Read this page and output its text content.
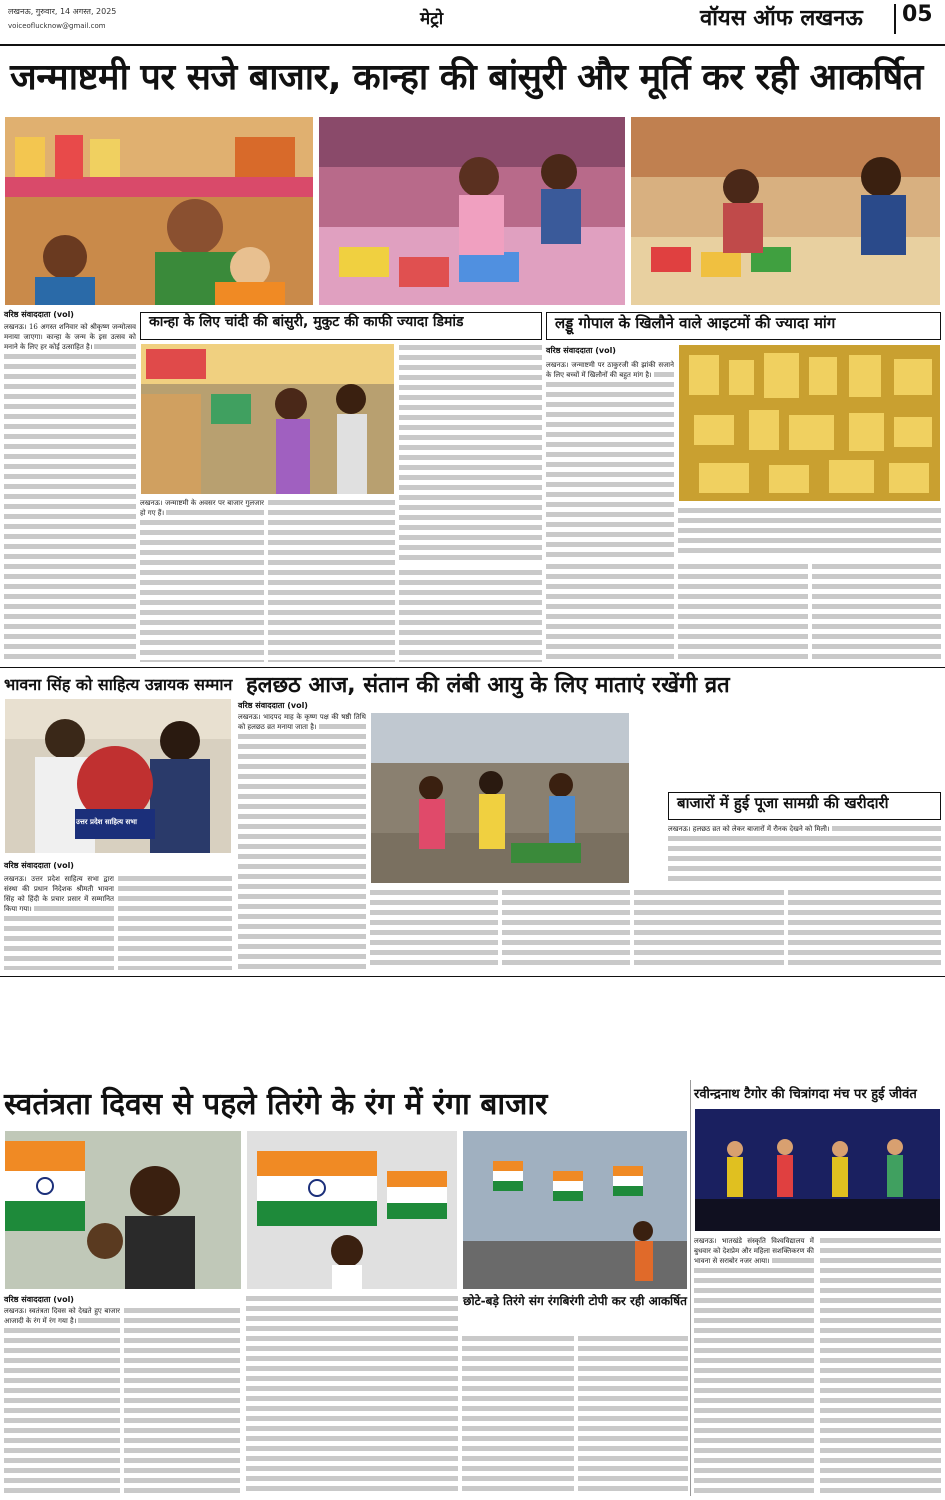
लखनऊ, गुरुवार, 14 अगस्त, 2025
voiceoflucknow@gmail.com	मेट्रो	वॉयस ऑफ लखनऊ 05
जन्माष्टमी पर सजे बाजार, कान्हा की बांसुरी और मूर्ति कर रही आकर्षित
वरिष्ठ संवाददाता (vol)
लखनऊ। 16 अगस्त शनिवार को श्रीकृष्ण जन्मोत्सव मनाया जाएगा। कान्हा के जन्म के इस उत्सव को मनाने के लिए हर कोई उत्साहित है।
कान्हा के लिए चांदी की बांसुरी, मुकुट की काफी ज्यादा डिमांड
लखनऊ। जन्माष्टमी के अवसर पर बाजार गुलजार हो गए हैं।
लड्डू गोपाल के खिलौने वाले आइटमों की ज्यादा मांग
वरिष्ठ संवाददाता (vol)
लखनऊ। जन्माष्टमी पर ठाकुरजी की झांकी सजाने के लिए बच्चों में खिलौनों की बहुत मांग है।
भावना सिंह को साहित्य उन्नायक सम्मान
उत्तर प्रदेश साहित्य सभा
वरिष्ठ संवाददाता (vol)
लखनऊ। उत्तर प्रदेश साहित्य सभा द्वारा संस्था की प्रधान निदेशक श्रीमती भावना सिंह को हिंदी के प्रचार प्रसार में सम्मानित किया गया।
हलछठ आज, संतान की लंबी आयु के लिए माताएं रखेंगी व्रत
वरिष्ठ संवाददाता (vol)
लखनऊ। भादपद माह के कृष्ण पक्ष की षष्ठी तिथि को हलछठ व्रत मनाया जाता है।
बाजारों में हुई पूजा सामग्री की खरीदारी
लखनऊ। हलछठ व्रत को लेकर बाजारों में रौनक देखने को मिली।
स्वतंत्रता दिवस से पहले तिरंगे के रंग में रंगा बाजार
वरिष्ठ संवाददाता (vol)
लखनऊ। स्वतंत्रता दिवस को देखते हुए बाजार आजादी के रंग में रंग गया है।
छोटे-बड़े तिरंगे संग रंगबिरंगी टोपी कर रही आकर्षित
रवीन्द्रनाथ टैगोर की चित्रांगदा मंच पर हुई जीवंत
लखनऊ। भातखंडे संस्कृति विश्वविद्यालय में बुधवार को देशप्रेम और महिला सशक्तिकरण की भावना से सराबोर नजर आया।
